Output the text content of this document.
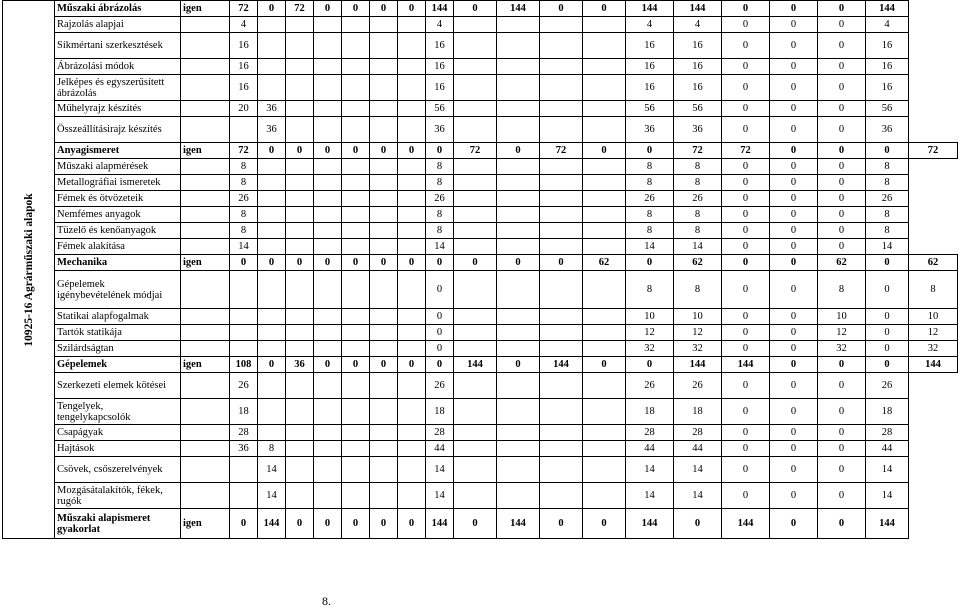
10925-16 Agrárműszaki alapok	Műszaki ábrázolás	igen	72	0	72	0	0	0	0	144	0	144	0	0	144	144	0	0	0	144	
	Rajzolás alapjai		4							4					4	4	0	0	0	4	
	Síkmértani szerkesztések		16							16					16	16	0	0	0	16	
	Ábrázolási módok		16							16					16	16	0	0	0	16	
	Jelképes és egyszerűsített ábrázolás		16							16					16	16	0	0	0	16	
	Műhelyrajz készítés		20	36						56					56	56	0	0	0	56	
	Összeállításirajz készítés			36						36					36	36	0	0	0	36	
	Anyagismeret	igen	72	0	0	0	0	0	0	0	72	0	72	0	0	72	72	0	0	0	72
	Műszaki alapmérések		8							8					8	8	0	0	0	8	
	Metallográfiai ismeretek		8							8					8	8	0	0	0	8	
	Fémek és ötvözeteik		26							26					26	26	0	0	0	26	
	Nemfémes anyagok		8							8					8	8	0	0	0	8	
	Tüzelő és kenőanyagok		8							8					8	8	0	0	0	8	
	Fémek alakítása		14							14					14	14	0	0	0	14	
	Mechanika	igen	0	0	0	0	0	0	0	0	0	0	0	62	0	62	0	0	62	0	62
	Gépelemek igénybevételének módjai									0					8	8	0	0	8	0	8
	Statikai alapfogalmak									0					10	10	0	0	10	0	10
	Tartók statikája									0					12	12	0	0	12	0	12
	Szilárdságtan									0					32	32	0	0	32	0	32
	Gépelemek	igen	108	0	36	0	0	0	0	0	144	0	144	0	0	144	144	0	0	0	144
	Szerkezeti elemek kötései		26							26					26	26	0	0	0	26	
	Tengelyek, tengelykapcsolók		18							18					18	18	0	0	0	18	
	Csapágyak		28							28					28	28	0	0	0	28	
	Hajtások		36	8						44					44	44	0	0	0	44	
	Csövek, csőszerelvények			14						14					14	14	0	0	0	14	
	Mozgásátalakítók, fékek, rugók			14						14					14	14	0	0	0	14	
	Műszaki alapismeret gyakorlat	igen	0	144	0	0	0	0	0	144	0	144	0	0	144	0	144	0	0	144	
8.
